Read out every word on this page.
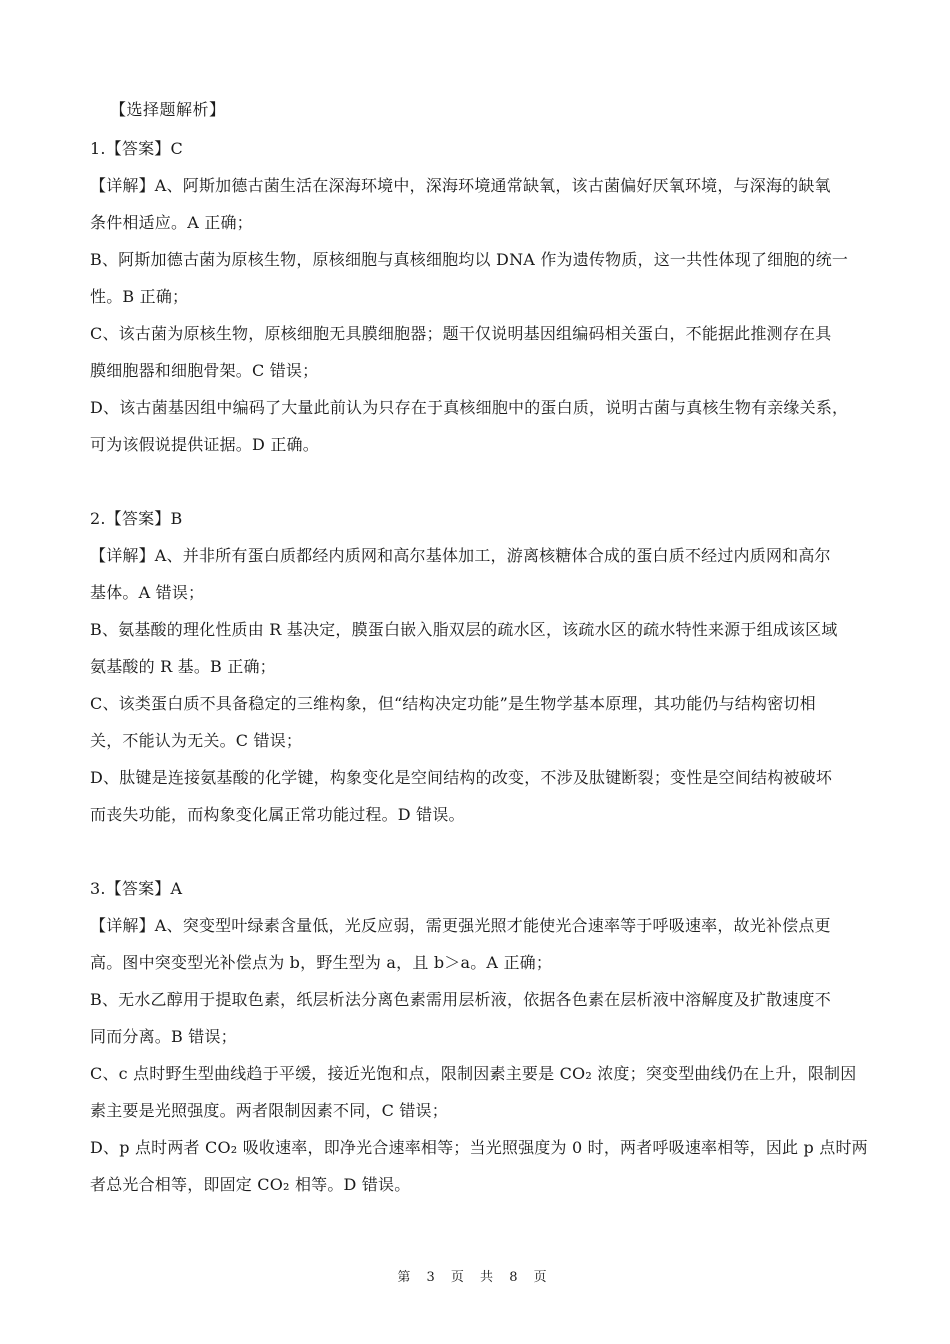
【选择题解析】
1.【答案】C
【详解】A、阿斯加德古菌生活在深海环境中，深海环境通常缺氧，该古菌偏好厌氧环境，与深海的缺氧
条件相适应。A 正确；
B、阿斯加德古菌为原核生物，原核细胞与真核细胞均以 DNA 作为遗传物质，这一共性体现了细胞的统一
性。B 正确；
C、该古菌为原核生物，原核细胞无具膜细胞器；题干仅说明基因组编码相关蛋白，不能据此推测存在具
膜细胞器和细胞骨架。C 错误；
D、该古菌基因组中编码了大量此前认为只存在于真核细胞中的蛋白质，说明古菌与真核生物有亲缘关系，
可为该假说提供证据。D 正确。
2.【答案】B
【详解】A、并非所有蛋白质都经内质网和高尔基体加工，游离核糖体合成的蛋白质不经过内质网和高尔
基体。A 错误；
B、氨基酸的理化性质由 R 基决定，膜蛋白嵌入脂双层的疏水区，该疏水区的疏水特性来源于组成该区域
氨基酸的 R 基。B 正确；
C、该类蛋白质不具备稳定的三维构象，但“结构决定功能”是生物学基本原理，其功能仍与结构密切相
关，不能认为无关。C 错误；
D、肽键是连接氨基酸的化学键，构象变化是空间结构的改变，不涉及肽键断裂；变性是空间结构被破坏
而丧失功能，而构象变化属正常功能过程。D 错误。
3.【答案】A
【详解】A、突变型叶绿素含量低，光反应弱，需更强光照才能使光合速率等于呼吸速率，故光补偿点更
高。图中突变型光补偿点为 b，野生型为 a，且 b＞a。A 正确；
B、无水乙醇用于提取色素，纸层析法分离色素需用层析液，依据各色素在层析液中溶解度及扩散速度不
同而分离。B 错误；
C、c 点时野生型曲线趋于平缓，接近光饱和点，限制因素主要是 CO₂ 浓度；突变型曲线仍在上升，限制因
素主要是光照强度。两者限制因素不同，C 错误；
D、p 点时两者 CO₂ 吸收速率，即净光合速率相等；当光照强度为 0 时，两者呼吸速率相等，因此 p 点时两
者总光合相等，即固定 CO₂ 相等。D 错误。
第 3 页 共 8 页
